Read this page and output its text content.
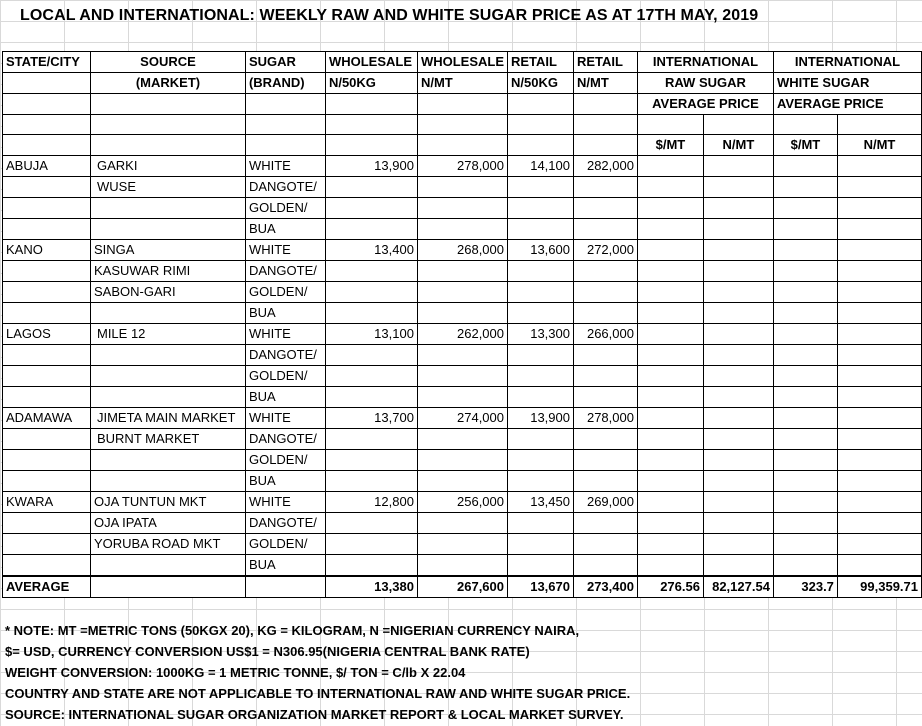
LOCAL AND INTERNATIONAL: WEEKLY RAW AND WHITE SUGAR PRICE AS AT 17TH MAY, 2019
STATE/CITY	SOURCE	SUGAR	WHOLESALE	WHOLESALE	RETAIL	RETAIL	INTERNATIONAL		INTERNATIONAL	
	(MARKET)	(BRAND)	N/50KG	N/MT	N/50KG	N/MT	RAW SUGAR		WHITE SUGAR	
							AVERAGE PRICE		AVERAGE PRICE	

							$/MT	N/MT	$/MT	N/MT
ABUJA	GARKI	WHITE	13,900	278,000	14,100	282,000				
	WUSE	DANGOTE/								
		GOLDEN/								
		BUA								
KANO	SINGA	WHITE	13,400	268,000	13,600	272,000				
	KASUWAR RIMI	DANGOTE/								
	SABON-GARI	GOLDEN/								
		BUA								
LAGOS	MILE 12	WHITE	13,100	262,000	13,300	266,000				
		DANGOTE/								
		GOLDEN/								
		BUA								
ADAMAWA	JIMETA MAIN MARKET	WHITE	13,700	274,000	13,900	278,000				
	BURNT MARKET	DANGOTE/								
		GOLDEN/								
		BUA								
KWARA	OJA TUNTUN MKT	WHITE	12,800	256,000	13,450	269,000				
	OJA IPATA	DANGOTE/								
	YORUBA ROAD MKT	GOLDEN/								
		BUA								
AVERAGE			13,380	267,600	13,670	273,400	276.56	82,127.54	323.7	99,359.71
* NOTE: MT =METRIC TONS (50KGX 20), KG = KILOGRAM, N =NIGERIAN CURRENCY NAIRA,
$= USD, CURRENCY CONVERSION US$1 = N306.95(NIGERIA CENTRAL BANK RATE)
WEIGHT CONVERSION: 1000KG = 1 METRIC TONNE, $/ TON = C/lb X 22.04
COUNTRY AND STATE ARE NOT APPLICABLE TO INTERNATIONAL RAW AND WHITE SUGAR PRICE.
SOURCE: INTERNATIONAL SUGAR ORGANIZATION MARKET REPORT & LOCAL MARKET SURVEY.
